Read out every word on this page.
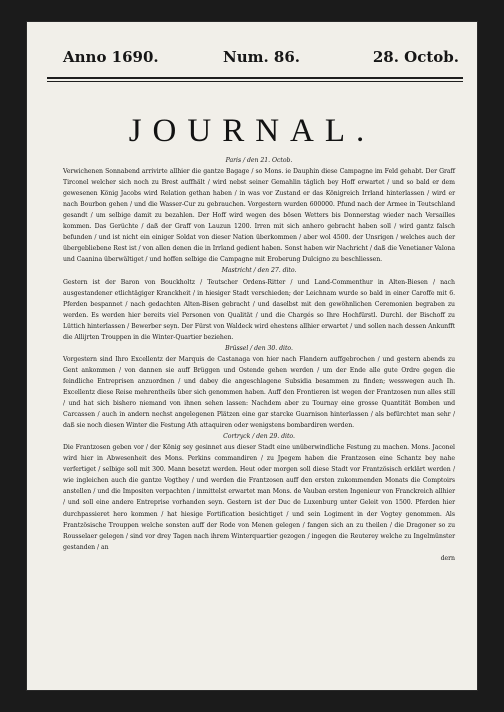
Anno 1690.	Num. 86.	28. Octob.
JOURNAL.

Paris / den 21. Octob.

Verwichenen Sonnabend arrivirte allhier die gantze Bagage / so Mons. ie Dauphin diese Campagne im Feld gehabt. Der Graff Tirconel welcher sich noch zu Brest auffhält / wird nebst seiner Gemahlin täglich bey Hoff erwartet / und so bald er dem gewesenen König Jacobs wird Relation gethan haben / in was vor Zustand er das Königreich Irrland hinterlassen / wird er nach Bourbon gehen / und die Wasser-Cur zu gebrauchen. Vorgestern wurden 600000. Pfund nach der Armee in Teutschland gesandt / um selbige damit zu bezahlen. Der Hoff wird wegen des bösen Wetters bis Donnerstag wieder nach Versailles kommen. Das Gerüchte / daß der Graff von Lauzun 1200. Irren mit sich anhero gebracht haben soll / wird gantz falsch befunden / und ist nicht ein einiger Soldat von dieser Nation überkommen / aber wol 4500. der Unsrigen / welches auch der übergebliebene Rest ist / von allen denen die in Irrland gedient haben. Sonst haben wir Nachricht / daß die Venetianer Valona und Caanina überwältiget / und hoffen selbige die Campagne mit Eroberung Dulcigno zu beschliessen.

Mastricht / den 27. dito.

Gestern ist der Baron von Bouckholtz / Teutscher Ordens-Ritter / und Land-Commenthur in Alten-Biesen / nach ausgestandener etlichtägiger Kranckheit / in hiesiger Stadt verschieden; der Leichnam wurde so bald in einer Caroffe mit 6. Pferden bespannet / nach gedachten Alten-Bisen gebracht / und daselbst mit den gewöhnlichen Ceremonien begraben zu werden. Es werden hier bereits viel Personen von Qualität / und die Chargés so Ihre Hochfürstl. Durchl. der Bischoff zu Lüttich hinterlassen / Bewerber seyn. Der Fürst von Waldeck wird ehestens allhier erwartet / und sollen nach dessen Ankunfft die Allijrten Trouppen in die Winter-Quartier beziehen.

Brüssel / den 30. dito.

Vorgestern sind Ihro Excellentz der Marquis de Castanaga von hier nach Flandern auffgebrochen / und gestern abends zu Gent ankommen / von dannen sie auff Brüggen und Ostende gehen werden / um der Ende alle gute Ordre gegen die feindliche Entreprisen anzuordnen / und dabey die angeschlagene Subsidia besammen zu finden; wesswegen auch Ih. Excellentz diese Reise mehrentheils über sich genommen haben. Auff den Frontieren ist wegen der Frantzosen nun alles still / und hat sich bishero niemand von ihnen sehen lassen: Nachdem aber zu Tournay eine grosse Quantität Bomben und Carcassen / auch in andern nechst angelegenen Plätzen eine gar starcke Guarnison hinterlassen / als befürchtet man sehr / daß sie noch diesen Winter die Festung Ath attaquiren oder wenigstens bombardiren werden.

Cortryck / den 29. dito.

Die Frantzosen geben vor / der König sey gesinnet aus dieser Stadt eine unüberwindliche Festung zu machen. Mons. Jaconel wird hier in Abwesenheit des Mons. Perkins commandiren / zu Jpegem haben die Frantzosen eine Schantz bey nahe verfertiget / selbige soll mit 300. Mann besetzt werden. Heut oder morgen soll diese Stadt vor Frantzösisch erklärt werden / wie ingleichen auch die gantze Vogthey / und werden die Frantzosen auff den ersten zukommenden Monats die Comptoirs anstellen / und die Impositen verpachten / inmittelst erwartet man Mons. de Vauban ersten Ingenieur von Franckreich allhier / und soll eine andere Entreprise vorhanden seyn. Gestern ist der Duc de Luxenburg unter Geleit von 1500. Pferden hier durchpassieret hero kommen / hat hiesige Fortification besichtiget / und sein Logiment in der Vogtey genommen. Als Frantzösische Trouppen welche sonsten auff der Rode von Menen gelegen / fangen sich an zu theilen / die Dragoner so zu Rousselaer gelegen / sind vor drey Tagen nach ihrem Winterquartier gezogen / ingegen die Reuterey welche zu Ingelmünster gestanden / an

dern
